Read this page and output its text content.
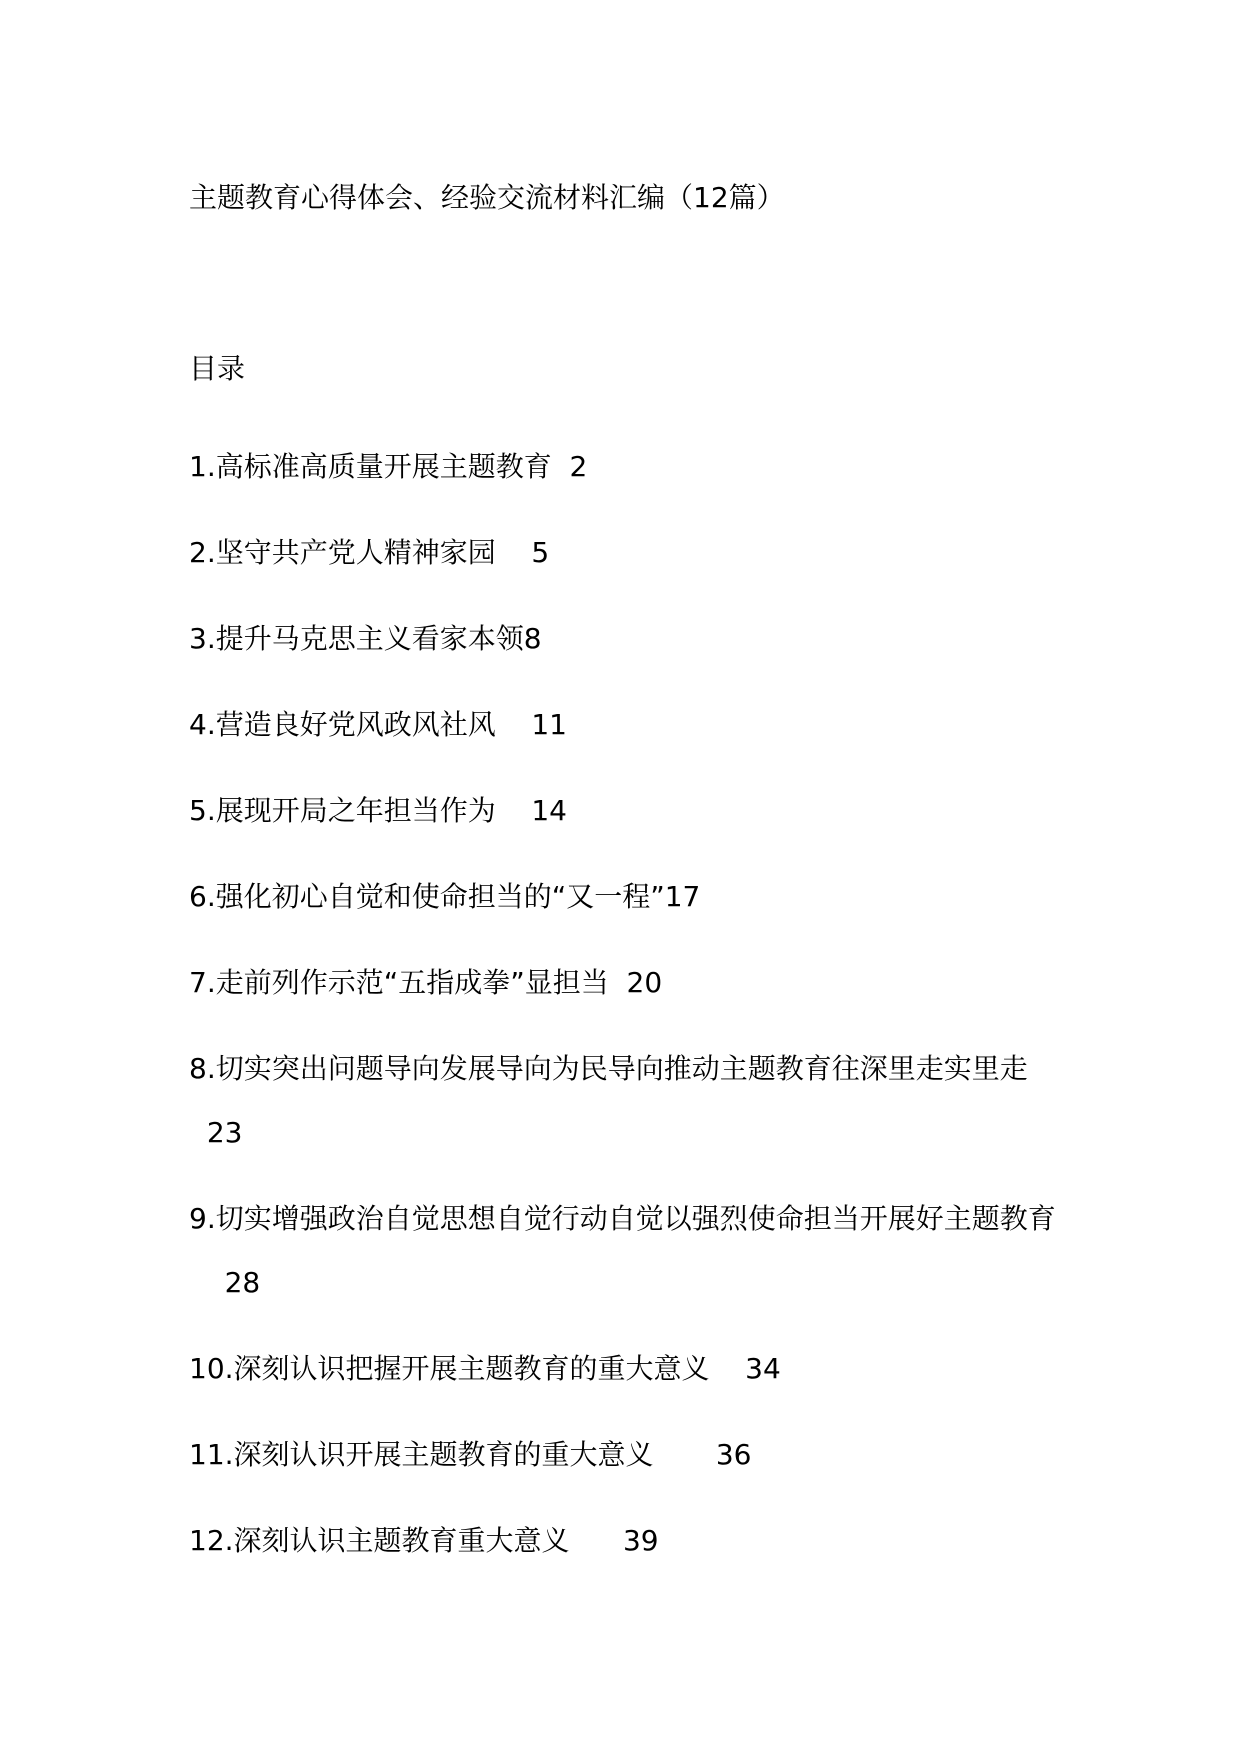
主题教育心得体会、经验交流材料汇编（12篇）
目录
1.高标准高质量开展主题教育 2
2.坚守共产党人精神家园 5
3.提升马克思主义看家本领8
4.营造良好党风政风社风 11
5.展现开局之年担当作为 14
6.强化初心自觉和使命担当的“又一程”17
7.走前列作示范“五指成拳”显担当 20
8.切实突出问题导向发展导向为民导向推动主题教育往深里走实里走  23
9.切实增强政治自觉思想自觉行动自觉以强烈使命担当开展好主题教育    28
10.深刻认识把握开展主题教育的重大意义 34
11.深刻认识开展主题教育的重大意义 36
12.深刻认识主题教育重大意义 39
